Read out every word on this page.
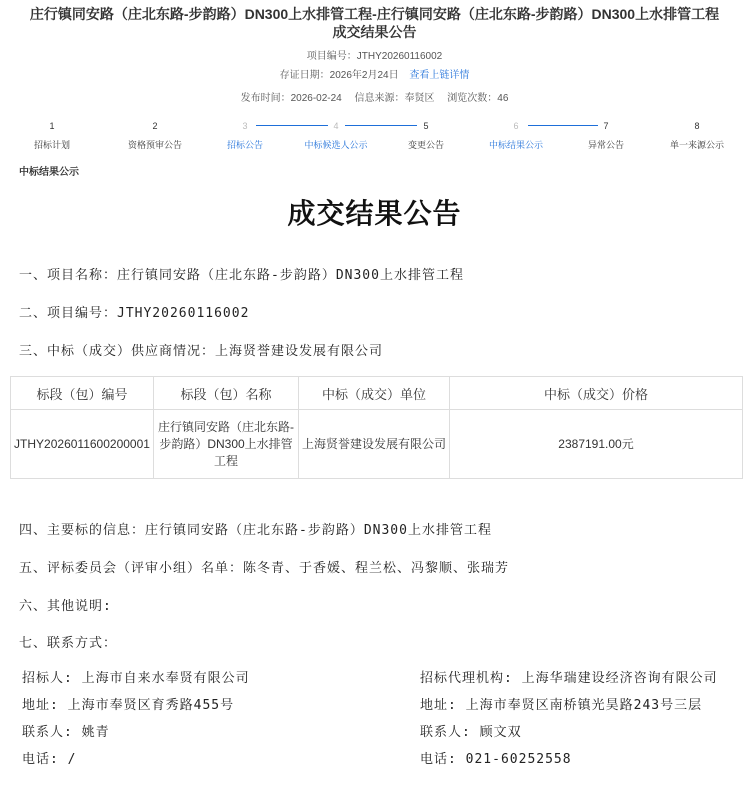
庄行镇同安路（庄北东路-步韵路）DN300上水排管工程-庄行镇同安路（庄北东路-步韵路）DN300上水排管工程
成交结果公告
项目编号：JTHY20260116002
存证日期：2026年2月24日 查看上链详情
发布时间：2026-02-24 信息来源：奉贤区 浏览次数：46
1
招标计划
2
资格预审公告
3
招标公告
4
中标候选人公示
5
变更公告
6
中标结果公示
7
异常公告
8
单一来源公示
中标结果公示
成交结果公告
一、项目名称：庄行镇同安路（庄北东路-步韵路）DN300上水排管工程
二、项目编号：JTHY20260116002
三、中标（成交）供应商情况：上海贤誉建设发展有限公司
标段（包）编号	标段（包）名称	中标（成交）单位	中标（成交）价格
JTHY2026011600200001	庄行镇同安路（庄北东路-步韵路）DN300上水排管工程	上海贤誉建设发展有限公司	2387191.00元
四、主要标的信息：庄行镇同安路（庄北东路-步韵路）DN300上水排管工程
五、评标委员会（评审小组）名单：陈冬青、于香媛、程兰松、冯黎顺、张瑞芳
六、其他说明:
七、联系方式：
招标人: 上海市自来水奉贤有限公司
地址: 上海市奉贤区育秀路455号
联系人: 姚青
电话: /
招标代理机构: 上海华瑞建设经济咨询有限公司
地址: 上海市奉贤区南桥镇光昊路243号三层
联系人: 顾文双
电话: 021-60252558
